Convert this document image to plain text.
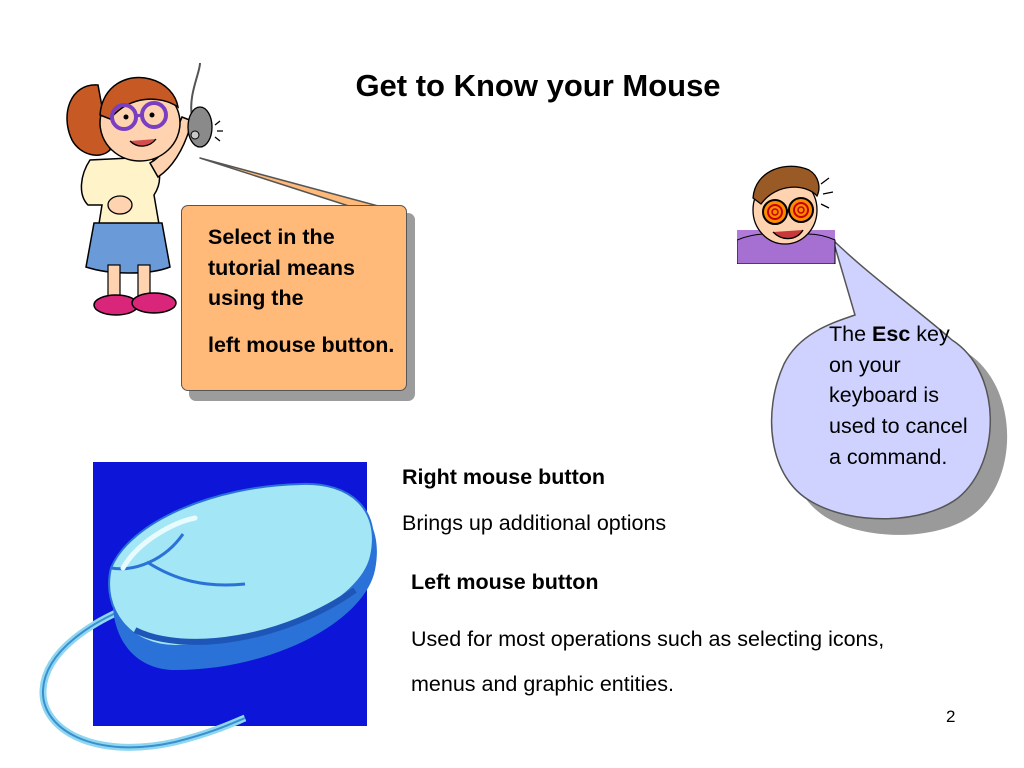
Get to Know your Mouse

Select in the tutorial means using the

left mouse button.	The Esc key on your keyboard is used to cancel a command.
Right mouse button
Brings up additional options
Left mouse button
Used for most operations such as selecting icons, menus and graphic entities.
2
